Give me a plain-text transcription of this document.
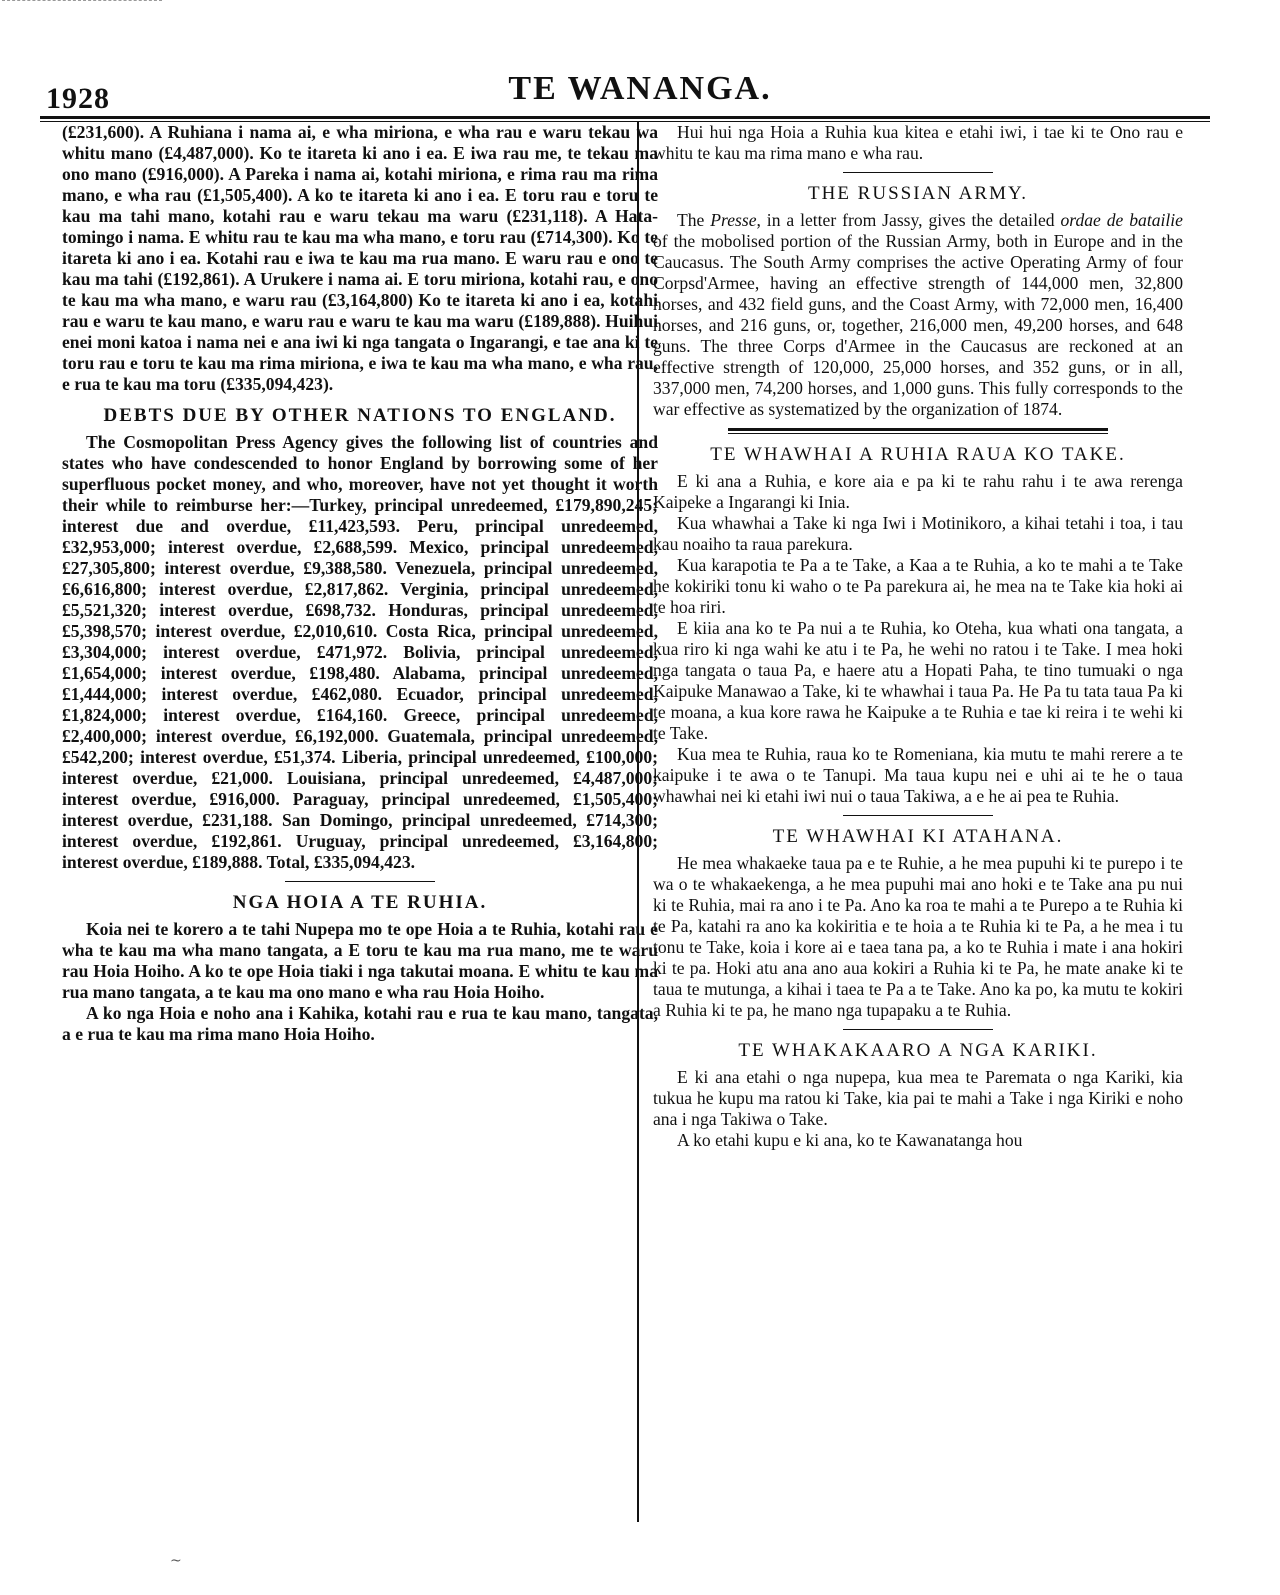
1928	TE WANANGA.

(£231,600). A Ruhiana i nama ai, e wha miriona, e wha rau e waru tekau wa whitu mano (£4,487,000). Ko te itareta ki ano i ea. E iwa rau me, te tekau ma ono mano (£916,000). A Pareka i nama ai, kotahi miriona, e rima rau ma rima mano, e wha rau (£1,505,400). A ko te itareta ki ano i ea. E toru rau e toru te kau ma tahi mano, kotahi rau e waru tekau ma waru (£231,118). A Hata-tomingo i nama. E whitu rau te kau ma wha mano, e toru rau (£714,300). Ko te itareta ki ano i ea. Kotahi rau e iwa te kau ma rua mano. E waru rau e ono te kau ma tahi (£192,861). A Urukere i nama ai. E toru miriona, kotahi rau, e ono te kau ma wha mano, e waru rau (£3,164,800) Ko te itareta ki ano i ea, kotahi rau e waru te kau mano, e waru rau e waru te kau ma waru (£189,888). Huihui enei moni katoa i nama nei e ana iwi ki nga tangata o Ingarangi, e tae ana ki te toru rau e toru te kau ma rima miriona, e iwa te kau ma wha mano, e wha rau, e rua te kau ma toru (£335,094,423).

DEBTS DUE BY OTHER NATIONS TO ENGLAND.

The Cosmopolitan Press Agency gives the following list of countries and states who have condescended to honor England by borrowing some of her superfluous pocket money, and who, moreover, have not yet thought it worth their while to reimburse her:—Turkey, principal unredeemed, £179,890,245; interest due and overdue, £11,423,593. Peru, principal unredeemed, £32,953,000; interest overdue, £2,688,599. Mexico, principal unredeemed, £27,305,800; interest overdue, £9,388,580. Venezuela, principal unredeemed, £6,616,800; interest overdue, £2,817,862. Verginia, principal unredeemed, £5,521,320; interest overdue, £698,732. Honduras, principal unredeemed, £5,398,570; interest overdue, £2,010,610. Costa Rica, principal unredeemed, £3,304,000; interest overdue, £471,972. Bolivia, principal unredeemed, £1,654,000; interest overdue, £198,480. Alabama, principal unredeemed, £1,444,000; interest overdue, £462,080. Ecuador, principal unredeemed, £1,824,000; interest overdue, £164,160. Greece, principal unredeemed, £2,400,000; interest overdue, £6,192,000. Guatemala, principal unredeemed, £542,200; interest overdue, £51,374. Liberia, principal unredeemed, £100,000; interest overdue, £21,000. Louisiana, principal unredeemed, £4,487,000; interest overdue, £916,000. Paraguay, principal unredeemed, £1,505,400; interest overdue, £231,188. San Domingo, principal unredeemed, £714,300; interest overdue, £192,861. Uruguay, principal unredeemed, £3,164,800; interest overdue, £189,888. Total, £335,094,423.

NGA HOIA A TE RUHIA.

Koia nei te korero a te tahi Nupepa mo te ope Hoia a te Ruhia, kotahi rau e wha te kau ma wha mano tangata, a E toru te kau ma rua mano, me te waru rau Hoia Hoiho. A ko te ope Hoia tiaki i nga takutai moana. E whitu te kau ma rua mano tangata, a te kau ma ono mano e wha rau Hoia Hoiho.

A ko nga Hoia e noho ana i Kahika, kotahi rau e rua te kau mano, tangata, a e rua te kau ma rima mano Hoia Hoiho.

Hui hui nga Hoia a Ruhia kua kitea e etahi iwi, i tae ki te Ono rau e whitu te kau ma rima mano e wha rau.

THE RUSSIAN ARMY.

The Presse, in a letter from Jassy, gives the detailed ordae de batailie of the mobolised portion of the Russian Army, both in Europe and in the Caucasus. The South Army comprises the active Operating Army of four Corpsd'Armee, having an effective strength of 144,000 men, 32,800 horses, and 432 field guns, and the Coast Army, with 72,000 men, 16,400 horses, and 216 guns, or, together, 216,000 men, 49,200 horses, and 648 guns. The three Corps d'Armee in the Caucasus are reckoned at an effective strength of 120,000, 25,000 horses, and 352 guns, or in all, 337,000 men, 74,200 horses, and 1,000 guns. This fully corresponds to the war effective as systematized by the organization of 1874.

TE WHAWHAI A RUHIA RAUA KO TAKE.

E ki ana a Ruhia, e kore aia e pa ki te rahu rahu i te awa rerenga Kaipeke a Ingarangi ki Inia.

Kua whawhai a Take ki nga Iwi i Motinikoro, a kihai tetahi i toa, i tau kau noaiho ta raua parekura.

Kua karapotia te Pa a te Take, a Kaa a te Ruhia, a ko te mahi a te Take he kokiriki tonu ki waho o te Pa parekura ai, he mea na te Take kia hoki ai te hoa riri.

E kiia ana ko te Pa nui a te Ruhia, ko Oteha, kua whati ona tangata, a kua riro ki nga wahi ke atu i te Pa, he wehi no ratou i te Take. I mea hoki nga tangata o taua Pa, e haere atu a Hopati Paha, te tino tumuaki o nga Kaipuke Manawao a Take, ki te whawhai i taua Pa. He Pa tu tata taua Pa ki te moana, a kua kore rawa he Kaipuke a te Ruhia e tae ki reira i te wehi ki te Take.

Kua mea te Ruhia, raua ko te Romeniana, kia mutu te mahi rerere a te kaipuke i te awa o te Tanupi. Ma taua kupu nei e uhi ai te he o taua whawhai nei ki etahi iwi nui o taua Takiwa, a e he ai pea te Ruhia.

TE WHAWHAI KI ATAHANA.

He mea whakaeke taua pa e te Ruhie, a he mea pupuhi ki te purepo i te wa o te whakaekenga, a he mea pupuhi mai ano hoki e te Take ana pu nui ki te Ruhia, mai ra ano i te Pa. Ano ka roa te mahi a te Purepo a te Ruhia ki te Pa, katahi ra ano ka kokiritia e te hoia a te Ruhia ki te Pa, a he mea i tu tonu te Take, koia i kore ai e taea tana pa, a ko te Ruhia i mate i ana hokiri ki te pa. Hoki atu ana ano aua kokiri a Ruhia ki te Pa, he mate anake ki te taua te mutunga, a kihai i taea te Pa a te Take. Ano ka po, ka mutu te kokiri a Ruhia ki te pa, he mano nga tupapaku a te Ruhia.

TE WHAKAKAARO A NGA KARIKI.

E ki ana etahi o nga nupepa, kua mea te Paremata o nga Kariki, kia tukua he kupu ma ratou ki Take, kia pai te mahi a Take i nga Kiriki e noho ana i nga Takiwa o Take.

A ko etahi kupu e ki ana, ko te Kawanatanga hou

~
